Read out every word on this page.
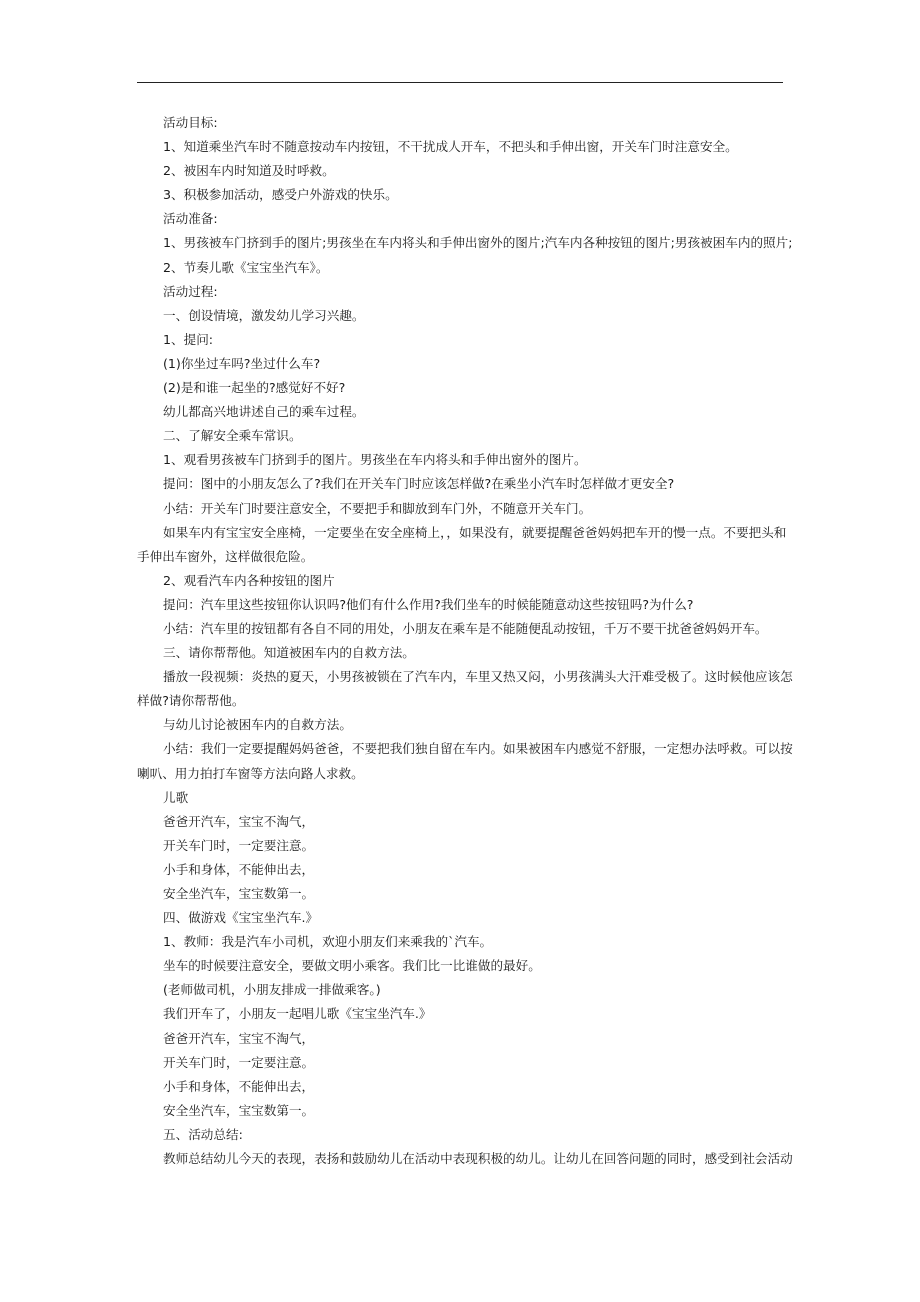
活动目标:
1、知道乘坐汽车时不随意按动车内按钮，不干扰成人开车，不把头和手伸出窗，开关车门时注意安全。
2、被困车内时知道及时呼救。
3、积极参加活动，感受户外游戏的快乐。
活动准备:
1、男孩被车门挤到手的图片;男孩坐在车内将头和手伸出窗外的图片;汽车内各种按钮的图片;男孩被困车内的照片;
2、节奏儿歌《宝宝坐汽车》。
活动过程:
一、创设情境，激发幼儿学习兴趣。
1、提问:
(1)你坐过车吗?坐过什么车?
(2)是和谁一起坐的?感觉好不好?
幼儿都高兴地讲述自己的乘车过程。
二、了解安全乘车常识。
1、观看男孩被车门挤到手的图片。男孩坐在车内将头和手伸出窗外的图片。
提问：图中的小朋友怎么了?我们在开关车门时应该怎样做?在乘坐小汽车时怎样做才更安全?
小结：开关车门时要注意安全，不要把手和脚放到车门外，不随意开关车门。
如果车内有宝宝安全座椅，一定要坐在安全座椅上，，如果没有，就要提醒爸爸妈妈把车开的慢一点。不要把头和
手伸出车窗外，这样做很危险。
2、观看汽车内各种按钮的图片
提问：汽车里这些按钮你认识吗?他们有什么作用?我们坐车的时候能随意动这些按钮吗?为什么?
小结：汽车里的按钮都有各自不同的用处，小朋友在乘车是不能随便乱动按钮，千万不要干扰爸爸妈妈开车。
三、请你帮帮他。知道被困车内的自救方法。
播放一段视频：炎热的夏天，小男孩被锁在了汽车内，车里又热又闷，小男孩满头大汗难受极了。这时候他应该怎
样做?请你帮帮他。
与幼儿讨论被困车内的自救方法。
小结：我们一定要提醒妈妈爸爸，不要把我们独自留在车内。如果被困车内感觉不舒服，一定想办法呼救。可以按
喇叭、用力拍打车窗等方法向路人求救。
儿歌
爸爸开汽车，宝宝不淘气，
开关车门时，一定要注意。
小手和身体，不能伸出去，
安全坐汽车，宝宝数第一。
四、做游戏《宝宝坐汽车.》
1、教师：我是汽车小司机，欢迎小朋友们来乘我的`汽车。
坐车的时候要注意安全，要做文明小乘客。我们比一比谁做的最好。
(老师做司机，小朋友排成一排做乘客。)
我们开车了，小朋友一起唱儿歌《宝宝坐汽车.》
爸爸开汽车，宝宝不淘气，
开关车门时，一定要注意。
小手和身体，不能伸出去，
安全坐汽车，宝宝数第一。
五、活动总结:
教师总结幼儿今天的表现，表扬和鼓励幼儿在活动中表现积极的幼儿。让幼儿在回答问题的同时，感受到社会活动
